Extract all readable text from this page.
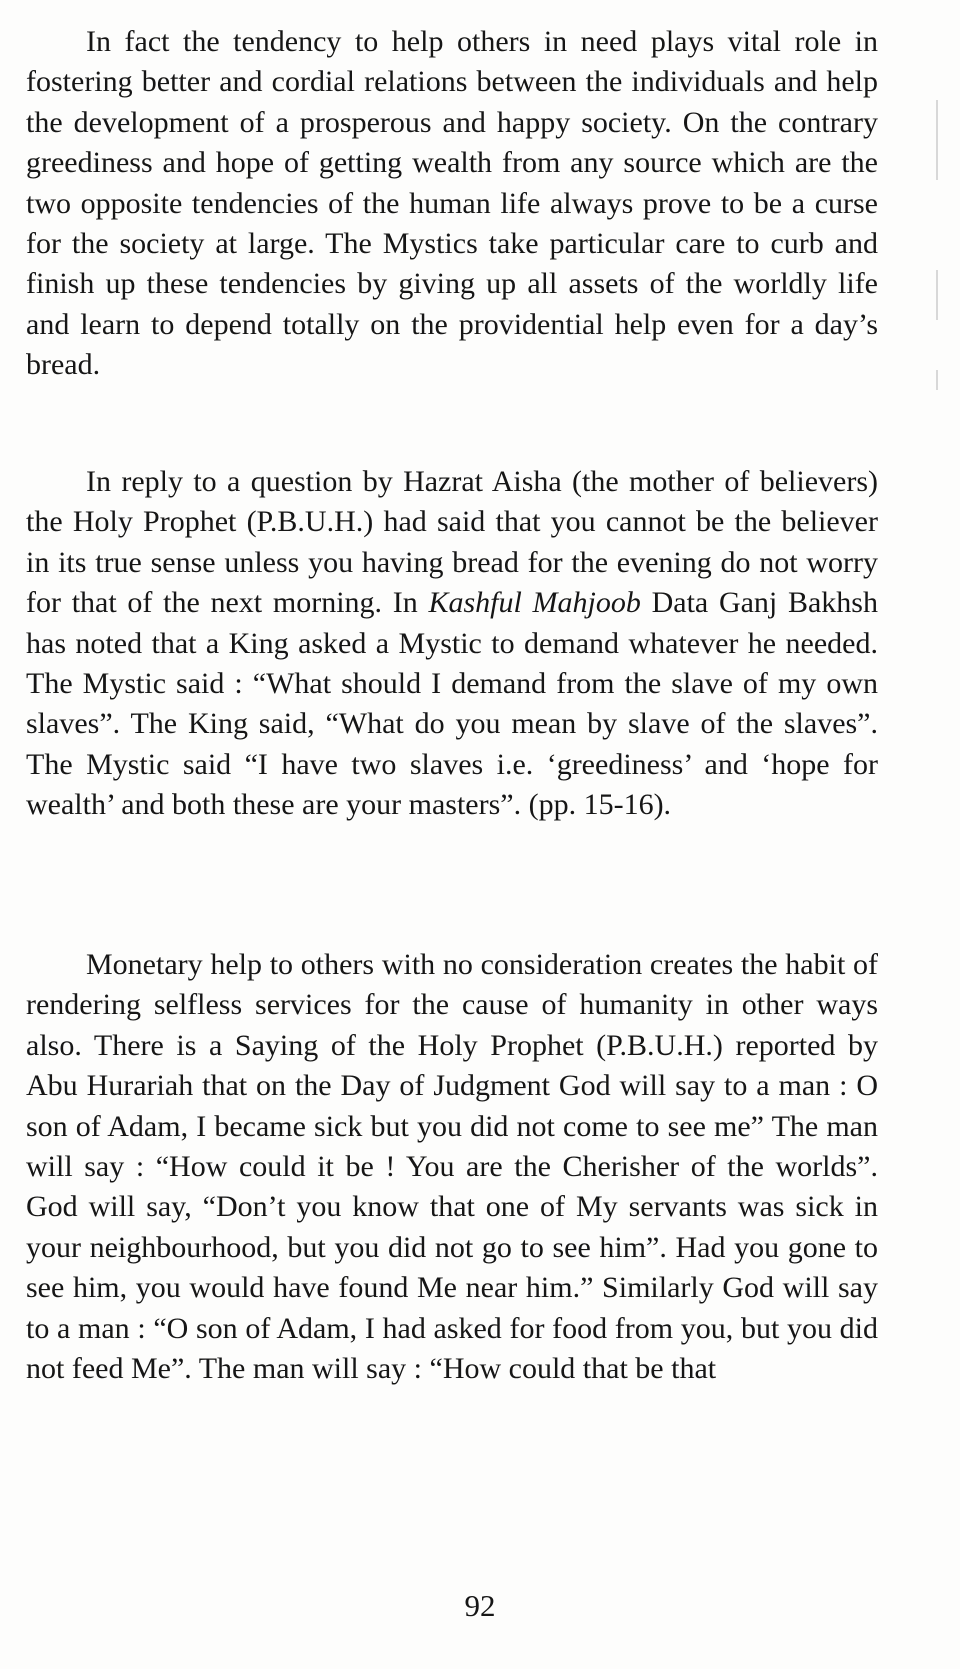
In fact the tendency to help others in need plays vital role in fostering better and cordial relations between the individuals and help the development of a prosperous and happy society. On the contrary greediness and hope of getting wealth from any source which are the two opposite tendencies of the human life always prove to be a curse for the society at large. The Mystics take particular care to curb and finish up these tendencies by giving up all assets of the worldly life and learn to depend totally on the providential help even for a day’s bread.

In reply to a question by Hazrat Aisha (the mother of believers) the Holy Prophet (P.B.U.H.) had said that you cannot be the believer in its true sense unless you having bread for the evening do not worry for that of the next morning. In Kashful Mahjoob Data Ganj Bakhsh has noted that a King asked a Mystic to demand whatever he needed. The Mystic said : “What should I demand from the slave of my own slaves”. The King said, “What do you mean by slave of the slaves”. The Mystic said “I have two slaves i.e. ‘greediness’ and ‘hope for wealth’ and both these are your masters”. (pp. 15-16).

Monetary help to others with no consideration creates the habit of rendering selfless services for the cause of humanity in other ways also. There is a Saying of the Holy Prophet (P.B.U.H.) reported by Abu Hurariah that on the Day of Judgment God will say to a man : O son of Adam, I became sick but you did not come to see me” The man will say : “How could it be ! You are the Cherisher of the worlds”. God will say, “Don’t you know that one of My servants was sick in your neighbourhood, but you did not go to see him”. Had you gone to see him, you would have found Me near him.” Similarly God will say to a man : “O son of Adam, I had asked for food from you, but you did not feed Me”. The man will say : “How could that be that

92
